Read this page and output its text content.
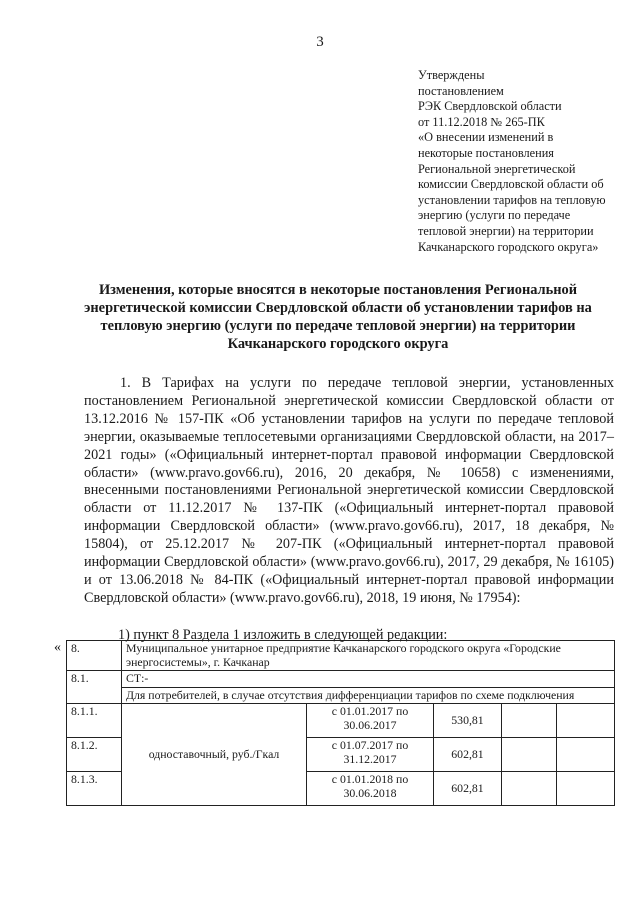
3
Утверждены
постановлением
РЭК Свердловской области
от 11.12.2018 № 265-ПК
«О внесении изменений в
некоторые постановления
Региональной энергетической
комиссии Свердловской области об
установлении тарифов на тепловую
энергию (услуги по передаче
тепловой энергии) на территории
Качканарского городского округа»
Изменения, которые вносятся в некоторые постановления Региональной энергетической комиссии Свердловской области об установлении тарифов на тепловую энергию (услуги по передаче тепловой энергии) на территории Качканарского городского округа

1. В Тарифах на услуги по передаче тепловой энергии, установленных постановлением Региональной энергетической комиссии Свердловской области от 13.12.2016 № 157-ПК «Об установлении тарифов на услуги по передаче тепловой энергии, оказываемые теплосетевыми организациями Свердловской области, на 2017–2021 годы» («Официальный интернет-портал правовой информации Свердловской области» (www.pravo.gov66.ru), 2016, 20 декабря, № 10658) с изменениями, внесенными постановлениями Региональной энергетической комиссии Свердловской области от 11.12.2017 № 137-ПК («Официальный интернет-портал правовой информации Свердловской области» (www.pravo.gov66.ru), 2017, 18 декабря, № 15804), от 25.12.2017 № 207-ПК («Официальный интернет-портал правовой информации Свердловской области» (www.pravo.gov66.ru), 2017, 29 декабря, № 16105) и от 13.06.2018 № 84-ПК («Официальный интернет-портал правовой информации Свердловской области» (www.pravo.gov66.ru), 2018, 19 июня, № 17954):

1) пункт 8 Раздела 1 изложить в следующей редакции:
« 8.	Муниципальное унитарное предприятие Качканарского городского округа «Городские энергосистемы», г. Качканар				
8.1.	СТ:-				
	Для потребителей, в случае отсутствия дифференциации тарифов по схеме подключения				
8.1.1.	одноставочный, руб./Гкал	с 01.01.2017 по 30.06.2017	530,81		
8.1.2.		с 01.07.2017 по 31.12.2017	602,81		
8.1.3.		с 01.01.2018 по 30.06.2018	602,81		
